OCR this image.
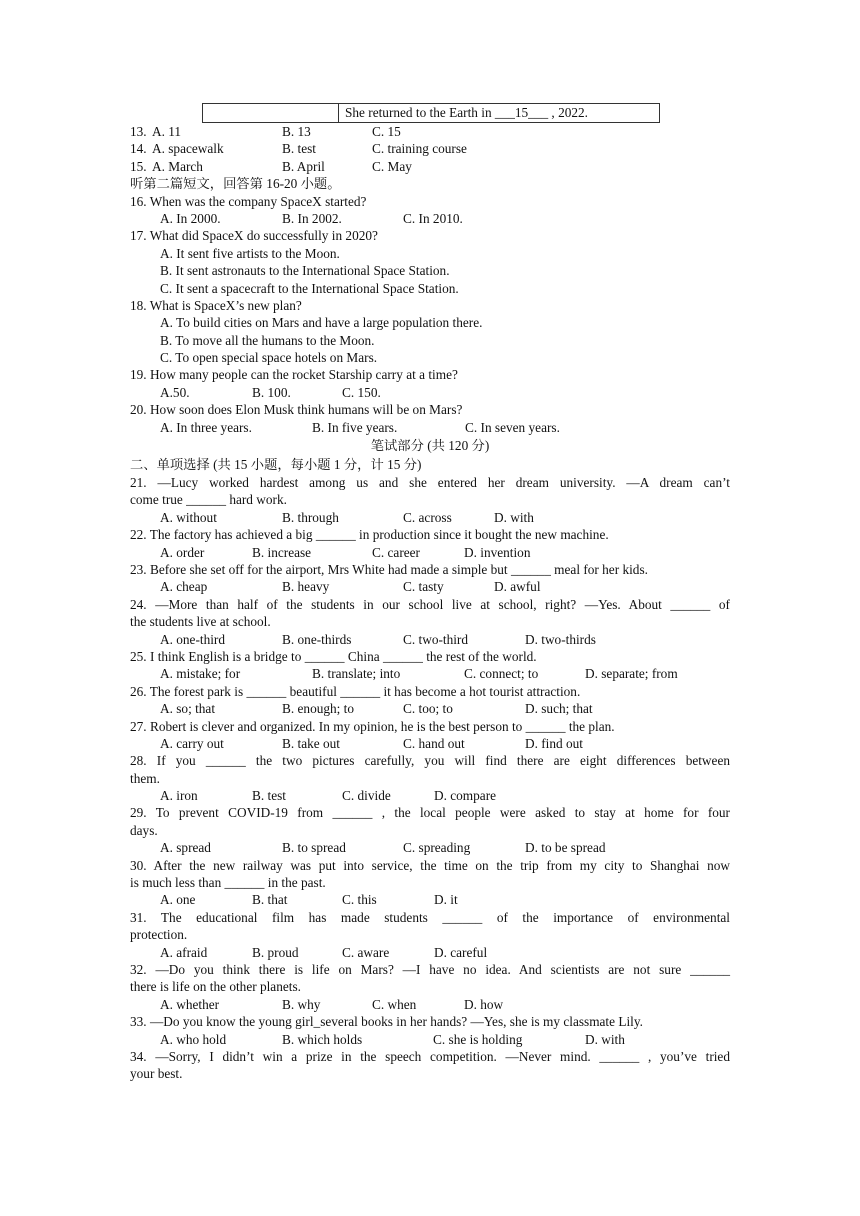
She returned to the Earth in ___15___ , 2022.
13. A. 11	B. 13	C. 15
14. A. spacewalk	B. test	C. training course
15. A. March	B. April	C. May
听第二篇短文，回答第 16-20 小题。
16. When was the company SpaceX started?
A. In 2000.	B. In 2002.	C. In 2010.
17. What did SpaceX do successfully in 2020?
A. It sent five artists to the Moon.
B. It sent astronauts to the International Space Station.
C. It sent a spacecraft to the International Space Station.
18. What is SpaceX’s new plan?
A. To build cities on Mars and have a large population there.
B. To move all the humans to the Moon.
C. To open special space hotels on Mars.
19. How many people can the rocket Starship carry at a time?
A.50.	B. 100.	C. 150.
20. How soon does Elon Musk think humans will be on Mars?
A. In three years.	B. In five years.	C. In seven years.
笔试部分 (共 120 分)
二、单项选择 (共 15 小题，每小题 1 分，计 15 分)
21. —Lucy worked hardest among us and she entered her dream university. —A dream can’t
come true ______ hard work.
A. without	B. through	C. across	D. with
22. The factory has achieved a big ______ in production since it bought the new machine.
A. order	B. increase	C. career	D. invention
23. Before she set off for the airport, Mrs White had made a simple but ______ meal for her kids.
A. cheap	B. heavy	C. tasty	D. awful
24. —More than half of the students in our school live at school, right? —Yes. About ______ of
the students live at school.
A. one-third	B. one-thirds	C. two-third	D. two-thirds
25. I think English is a bridge to ______ China ______ the rest of the world.
A. mistake; for	B. translate; into	C. connect; to	D. separate; from
26. The forest park is ______ beautiful ______ it has become a hot tourist attraction.
A. so; that	B. enough; to	C. too; to	D. such; that
27. Robert is clever and organized. In my opinion, he is the best person to ______ the plan.
A. carry out	B. take out	C. hand out	D. find out
28. If you ______ the two pictures carefully, you will find there are eight differences between
them.
A. iron	B. test	C. divide	D. compare
29. To prevent COVID-19 from ______ , the local people were asked to stay at home for four
days.
A. spread	B. to spread	C. spreading	D. to be spread
30. After the new railway was put into service, the time on the trip from my city to Shanghai now
is much less than ______ in the past.
A. one	B. that	C. this	D. it
31. The educational film has made students ______ of the importance of environmental
protection.
A. afraid	B. proud	C. aware	D. careful
32. —Do you think there is life on Mars? —I have no idea. And scientists are not sure ______
there is life on the other planets.
A. whether	B. why	C. when	D. how
33. —Do you know the young girl_several books in her hands? —Yes, she is my classmate Lily.
A. who hold	B. which holds	C. she is holding	D. with
34. —Sorry, I didn’t win a prize in the speech competition. —Never mind. ______ , you’ve tried
your best.
